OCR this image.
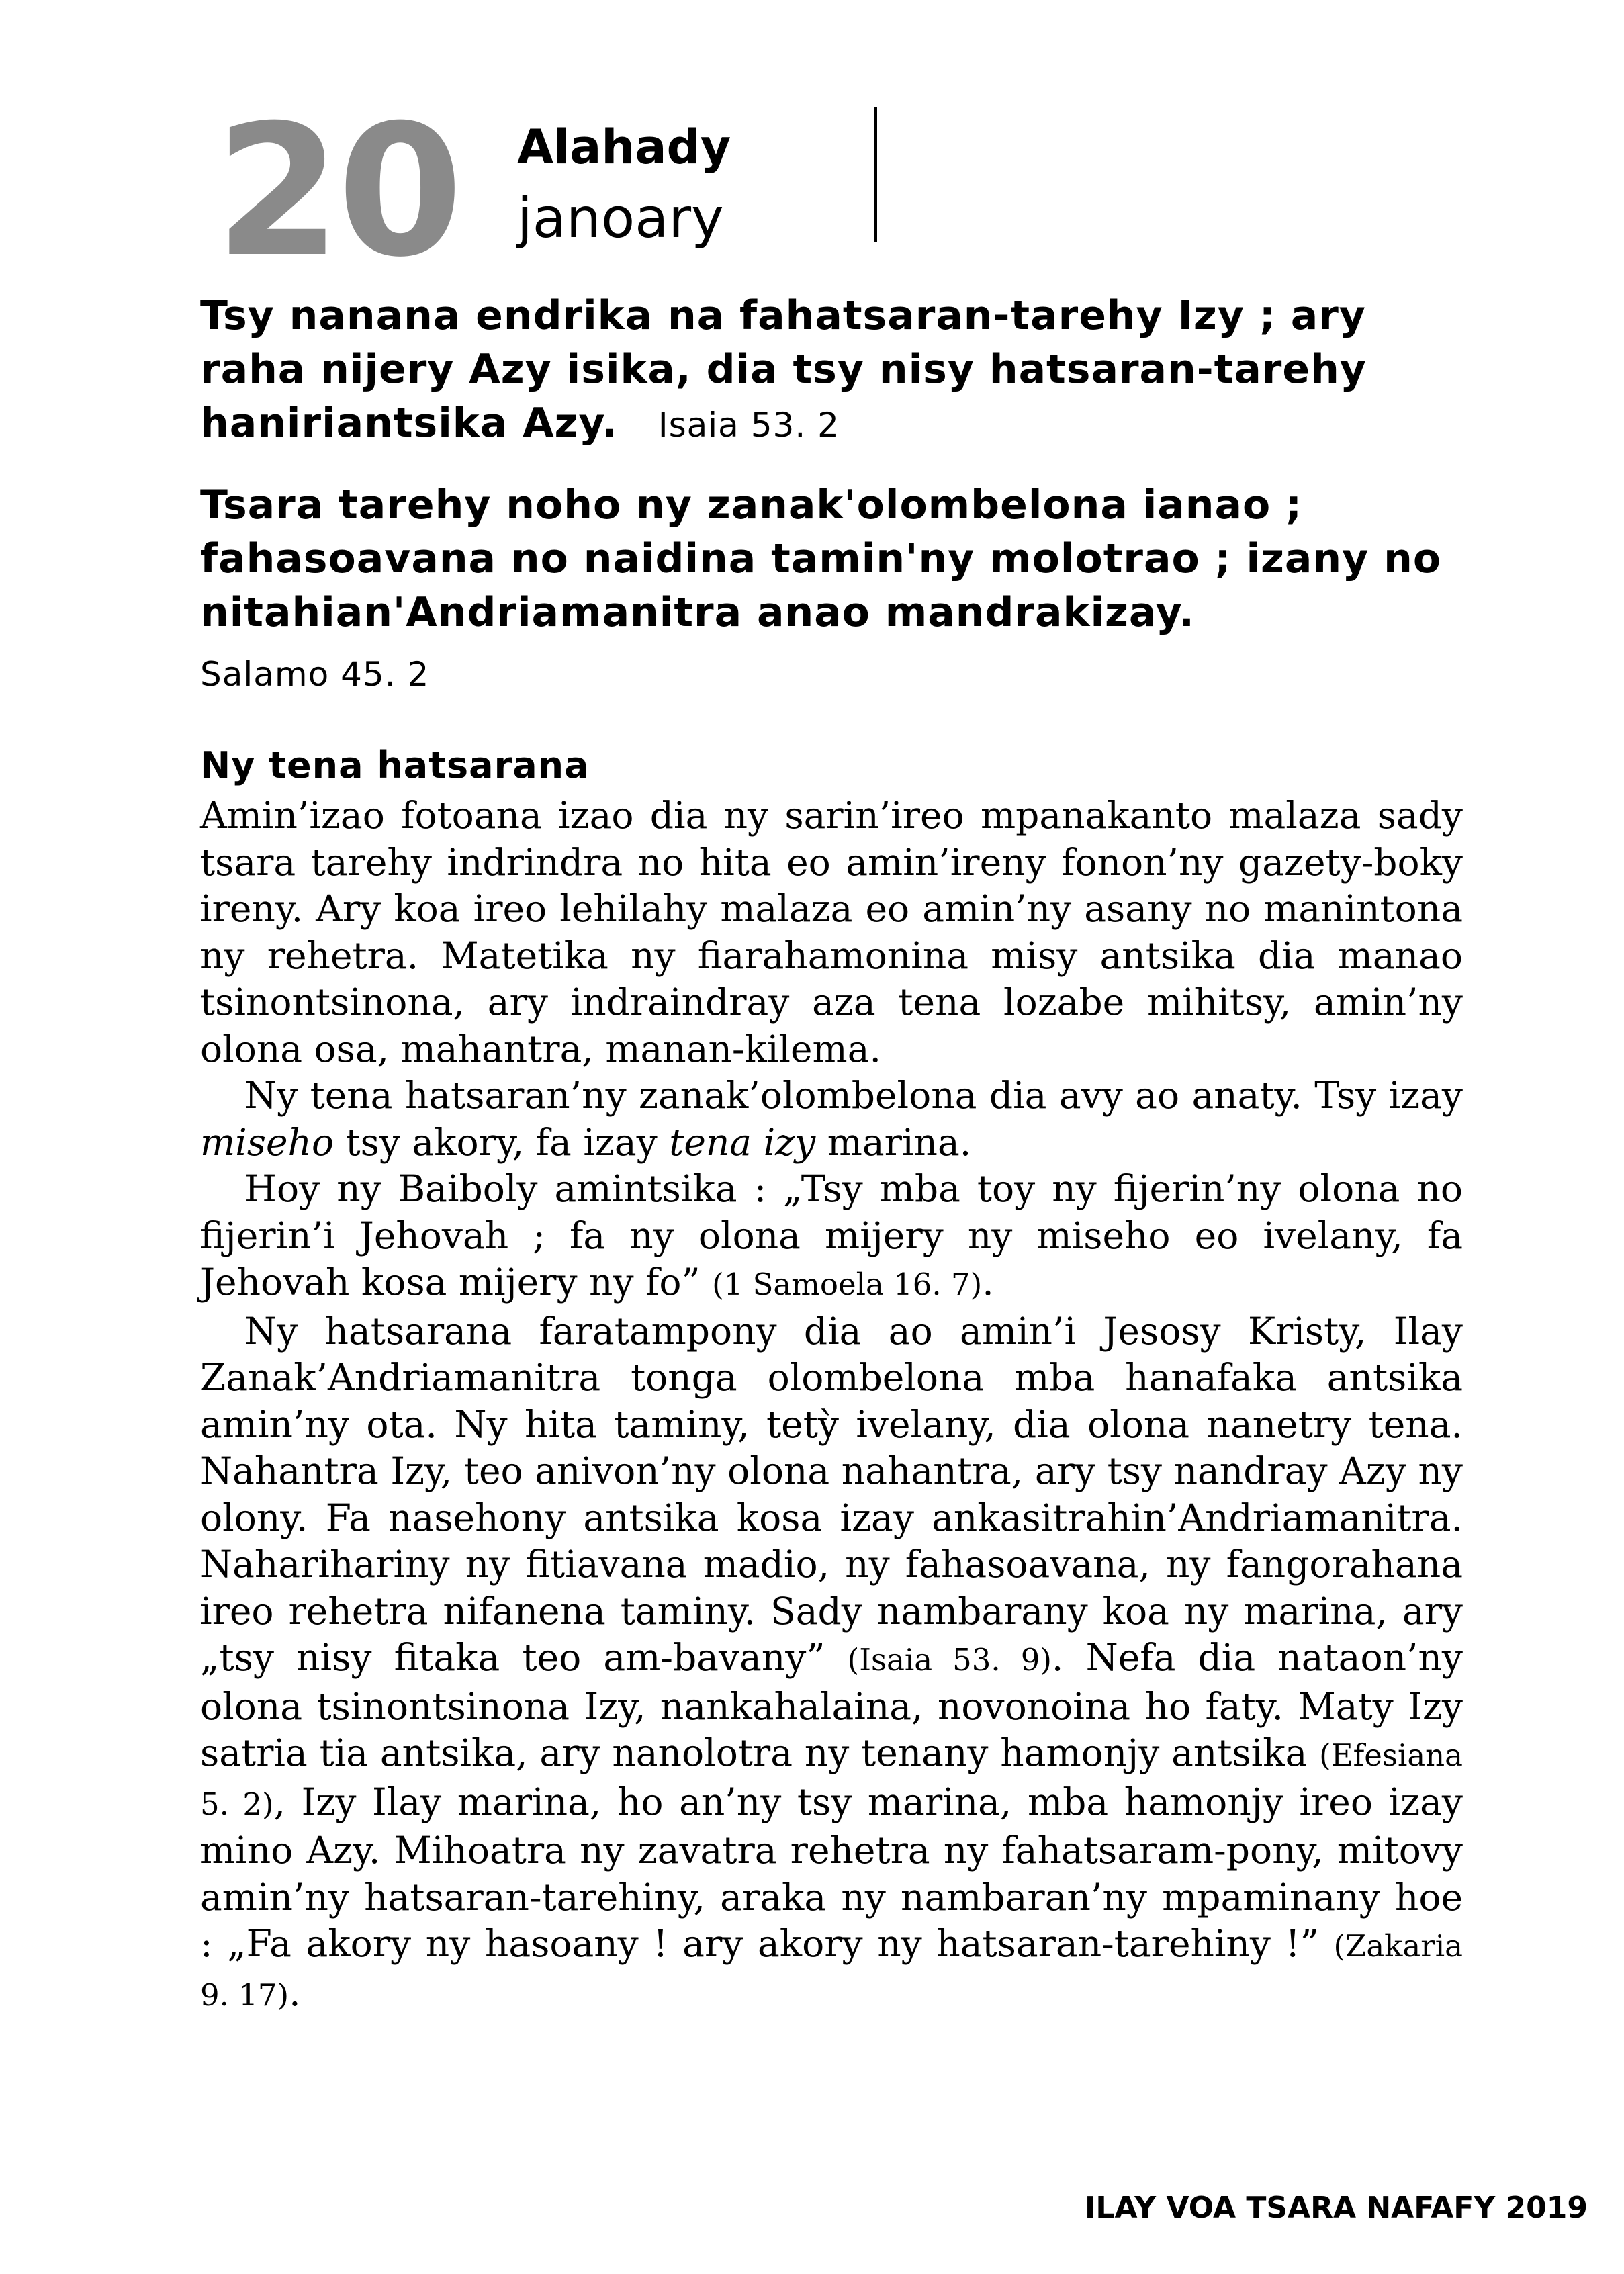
20 Alahady
janoary
Tsy nanana endrika na fahatsaran-tarehy Izy ; ary raha nijery Azy isika, dia tsy nisy hatsaran-tarehy haniriantsika Azy. Isaia 53. 2
Tsara tarehy noho ny zanak'olombelona ianao ; fahasoavana no naidina tamin'ny molotrao ; izany no nitahian'Andriamanitra anao mandrakizay.
Salamo 45. 2
Ny tena hatsarana

Amin’izao fotoana izao dia ny sarin’ireo mpanakanto malaza sady tsara tarehy indrindra no hita eo amin’ireny fonon’ny gazety-boky ireny. Ary koa ireo lehilahy malaza eo amin’ny asany no manintona ny rehetra. Matetika ny fiarahamonina misy antsika dia manao tsinontsinona, ary indraindray aza tena lozabe mihitsy, amin’ny olona osa, mahantra, manan-kilema.

Ny tena hatsaran’ny zanak’olombelona dia avy ao anaty. Tsy izay miseho tsy akory, fa izay tena izy marina.

Hoy ny Baiboly amintsika : „Tsy mba toy ny fijerin’ny olona no fijerin’i Jehovah ; fa ny olona mijery ny miseho eo ivelany, fa Jehovah kosa mijery ny fo” (1 Samoela 16. 7).

Ny hatsarana faratampony dia ao amin’i Jesosy Kristy, Ilay Zanak’Andriamanitra tonga olombelona mba hanafaka antsika amin’ny ota. Ny hita taminy, tetỳ ivelany, dia olona nanetry tena. Nahantra Izy, teo anivon’ny olona nahantra, ary tsy nandray Azy ny olony. Fa nasehony antsika kosa izay ankasitrahin’Andriamanitra. Naharihariny ny fitiavana madio, ny fahasoavana, ny fangorahana ireo rehetra nifanena taminy. Sady nambarany koa ny marina, ary „tsy nisy fitaka teo am-bavany” (Isaia 53. 9). Nefa dia nataon’ny olona tsinontsinona Izy, nankahalaina, novonoina ho faty. Maty Izy satria tia antsika, ary nanolotra ny tenany hamonjy antsika (Efesiana 5. 2), Izy Ilay marina, ho an’ny tsy marina, mba hamonjy ireo izay mino Azy. Mihoatra ny zavatra rehetra ny fahatsaram-pony, mitovy amin’ny hatsaran-tarehiny, araka ny nambaran’ny mpaminany hoe : „Fa akory ny hasoany ! ary akory ny hatsaran-tarehiny !” (Zakaria 9. 17).

ILAY VOA TSARA NAFAFY 2019
